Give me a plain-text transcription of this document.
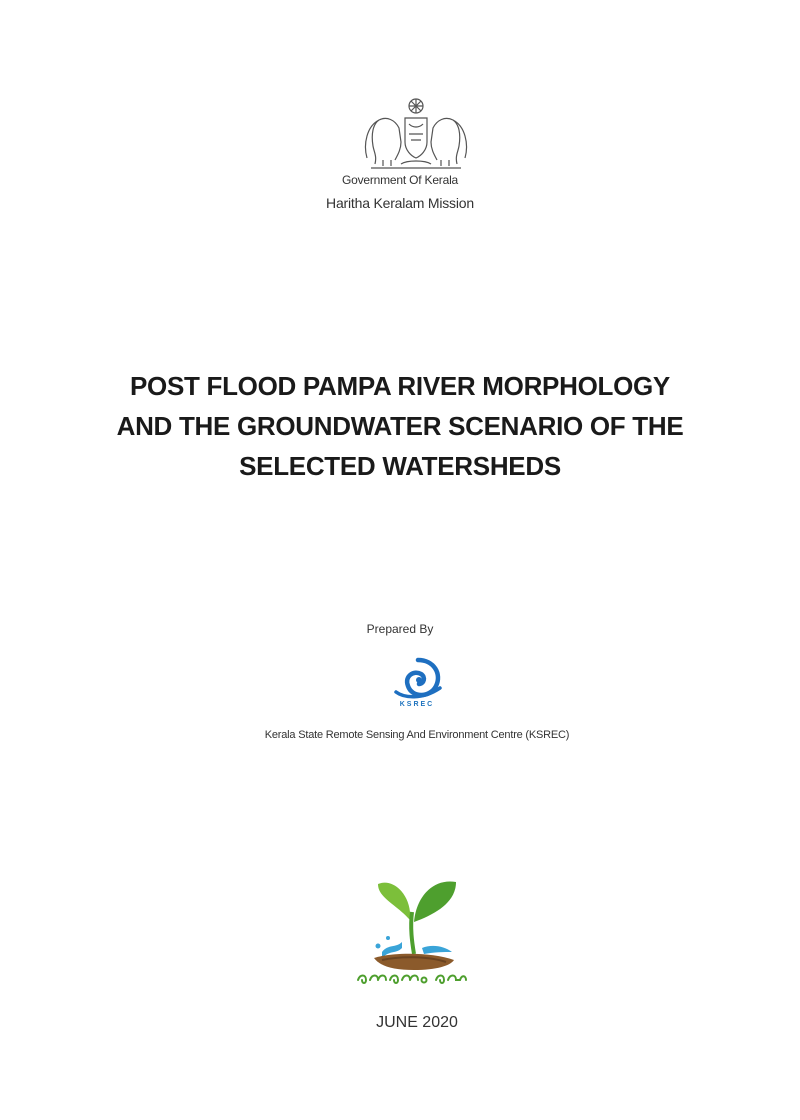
Government Of Kerala
Haritha Keralam Mission
POST FLOOD PAMPA RIVER MORPHOLOGY
AND THE GROUNDWATER SCENARIO OF THE
SELECTED WATERSHEDS
Prepared By
KSREC
Kerala State Remote Sensing And Environment Centre (KSREC)
JUNE 2020
